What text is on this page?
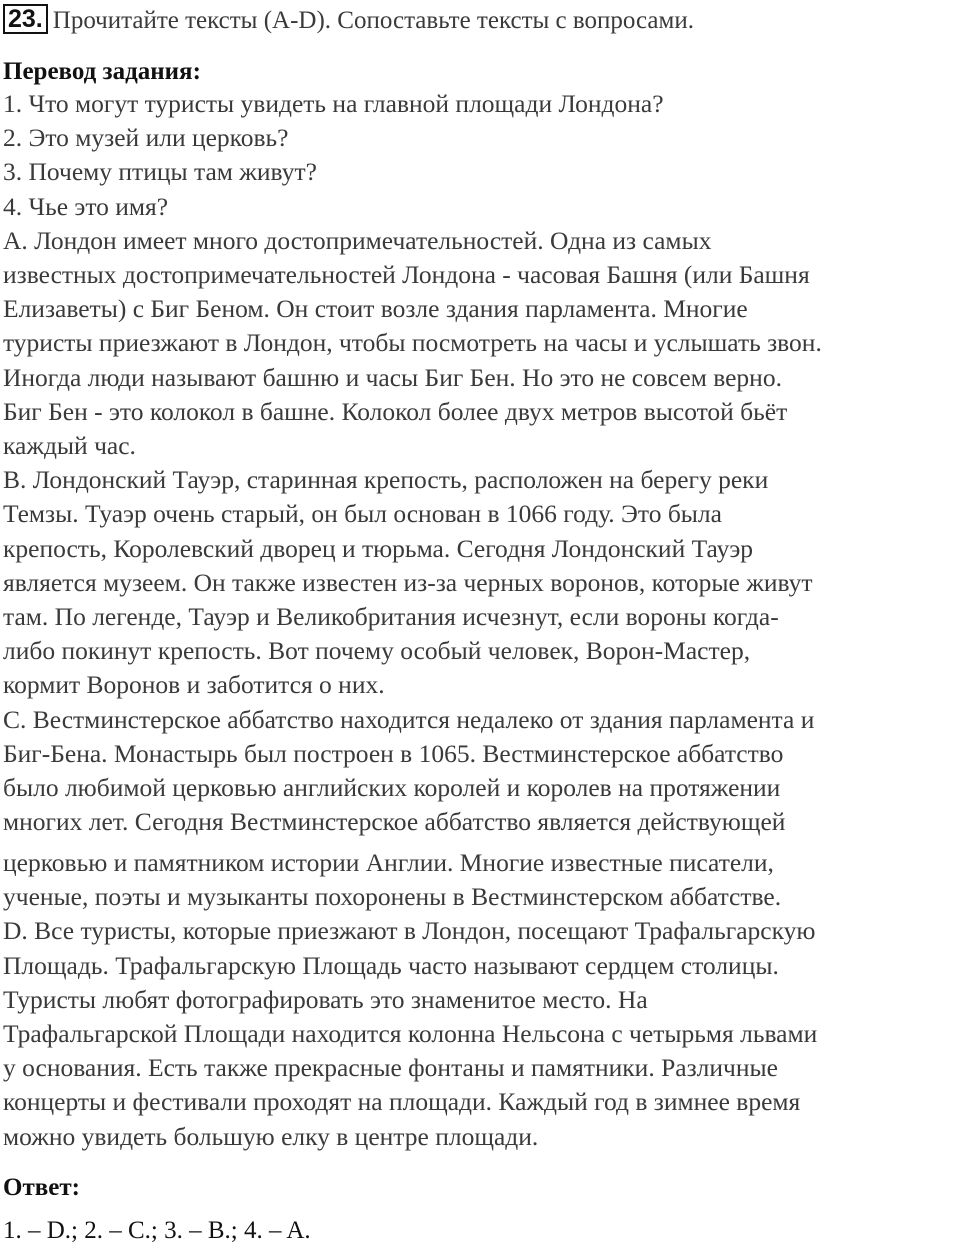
23. Прочитайте тексты (A-D). Сопоставьте тексты с вопросами.
Перевод задания:
1. Что могут туристы увидеть на главной площади Лондона?
2. Это музей или церковь?
3. Почему птицы там живут?
4. Чье это имя?
A. Лондон имеет много достопримечательностей. Одна из самых
известных достопримечательностей Лондона - часовая Башня (или Башня
Елизаветы) с Биг Беном. Он стоит возле здания парламента. Многие
туристы приезжают в Лондон, чтобы посмотреть на часы и услышать звон.
Иногда люди называют башню и часы Биг Бен. Но это не совсем верно.
Биг Бен - это колокол в башне. Колокол более двух метров высотой бьёт
каждый час.
B. Лондонский Тауэр, старинная крепость, расположен на берегу реки
Темзы. Туаэр очень старый, он был основан в 1066 году. Это была
крепость, Королевский дворец и тюрьма. Сегодня Лондонский Тауэр
является музеем. Он также известен из-за черных воронов, которые живут
там. По легенде, Тауэр и Великобритания исчезнут, если вороны когда-
либо покинут крепость. Вот почему особый человек, Ворон-Мастер,
кормит Воронов и заботится о них.
C. Вестминстерское аббатство находится недалеко от здания парламента и
Биг-Бена. Монастырь был построен в 1065. Вестминстерское аббатство
было любимой церковью английских королей и королев на протяжении
многих лет. Сегодня Вестминстерское аббатство является действующей
церковью и памятником истории Англии. Многие известные писатели,
ученые, поэты и музыканты похоронены в Вестминстерском аббатстве.
D. Все туристы, которые приезжают в Лондон, посещают Трафальгарскую
Площадь. Трафальгарскую Площадь часто называют сердцем столицы.
Туристы любят фотографировать это знаменитое место. На
Трафальгарской Площади находится колонна Нельсона с четырьмя львами
у основания. Есть также прекрасные фонтаны и памятники. Различные
концерты и фестивали проходят на площади. Каждый год в зимнее время
можно увидеть большую елку в центре площади.
Ответ:
1. – D.; 2. – C.; 3. – B.; 4. – A.
